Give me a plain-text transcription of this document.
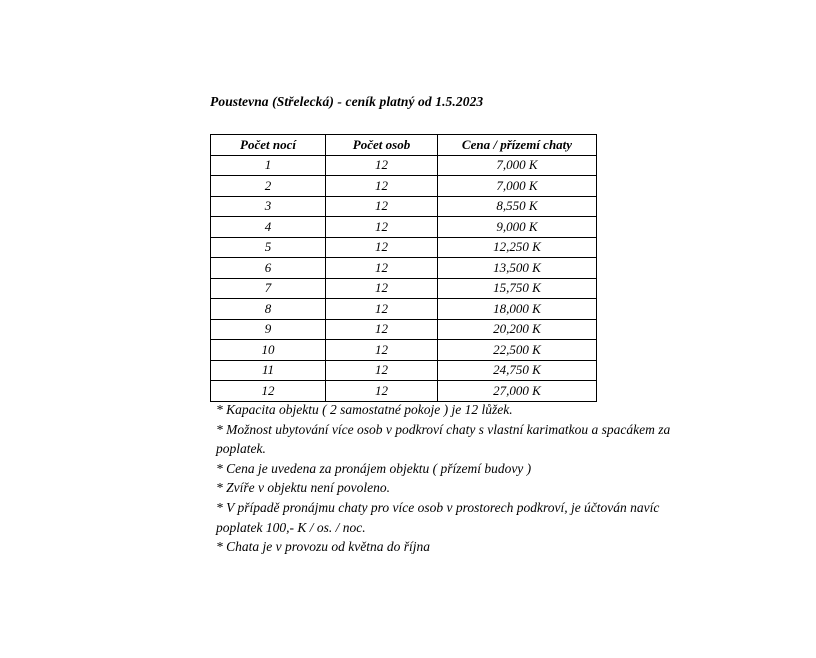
Poustevna (Střelecká) - ceník platný od 1.5.2023
Počet nocí	Počet osob	Cena / přízemí chaty
1	12	7,000 K
2	12	7,000 K
3	12	8,550 K
4	12	9,000 K
5	12	12,250 K
6	12	13,500 K
7	12	15,750 K
8	12	18,000 K
9	12	20,200 K
10	12	22,500 K
11	12	24,750 K
12	12	27,000 K
* Kapacita objektu ( 2 samostatné pokoje ) je 12 lůžek.
* Možnost ubytování více osob v podkroví chaty s vlastní karimatkou a spacákem za poplatek.
* Cena je uvedena za pronájem objektu ( přízemí budovy )
* Zvíře v objektu není povoleno.
* V případě pronájmu chaty pro více osob v prostorech podkroví, je účtován navíc poplatek 100,- K / os. / noc.
* Chata je v provozu od května do října
